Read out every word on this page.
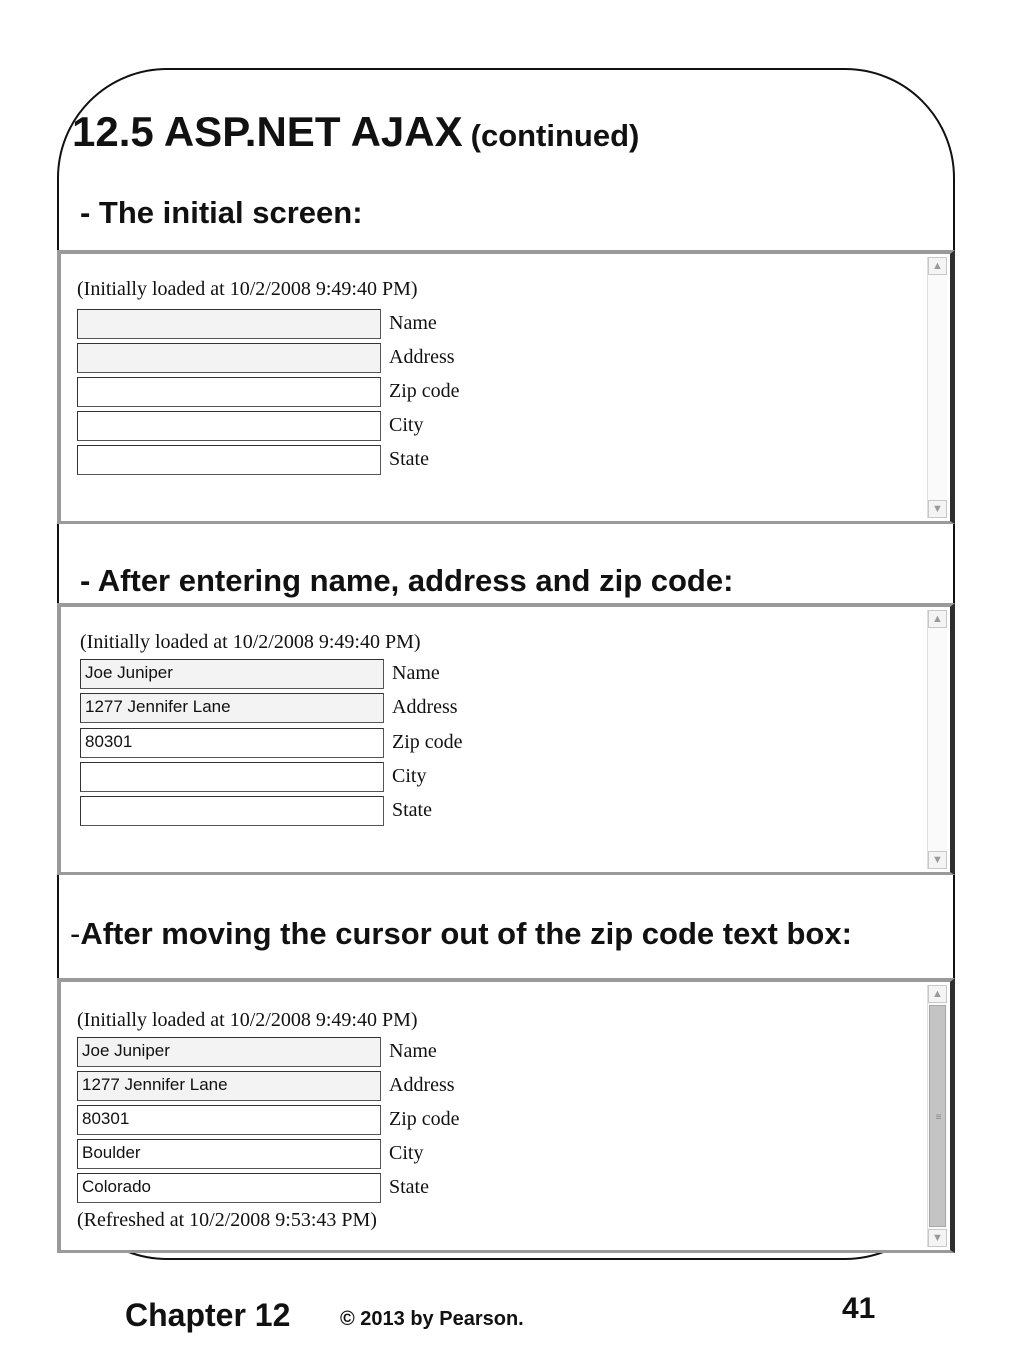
12.5 ASP.NET AJAX (continued)
- The initial screen:
(Initially loaded at 10/2/2008 9:49:40 PM)
Name
Address
Zip code
City
State
▲
▼
- After entering name, address and zip code:
(Initially loaded at 10/2/2008 9:49:40 PM)
Joe Juniper	Name
1277 Jennifer Lane	Address
80301	Zip code
City
State
▲
▼
-After moving the cursor out of the zip code text box:
(Initially loaded at 10/2/2008 9:49:40 PM)
Joe Juniper	Name
1277 Jennifer Lane	Address
80301	Zip code
Boulder	City
Colorado	State
(Refreshed at 10/2/2008 9:53:43 PM)
▲
≡
▼
Chapter 12 © 2013 by Pearson.	41
